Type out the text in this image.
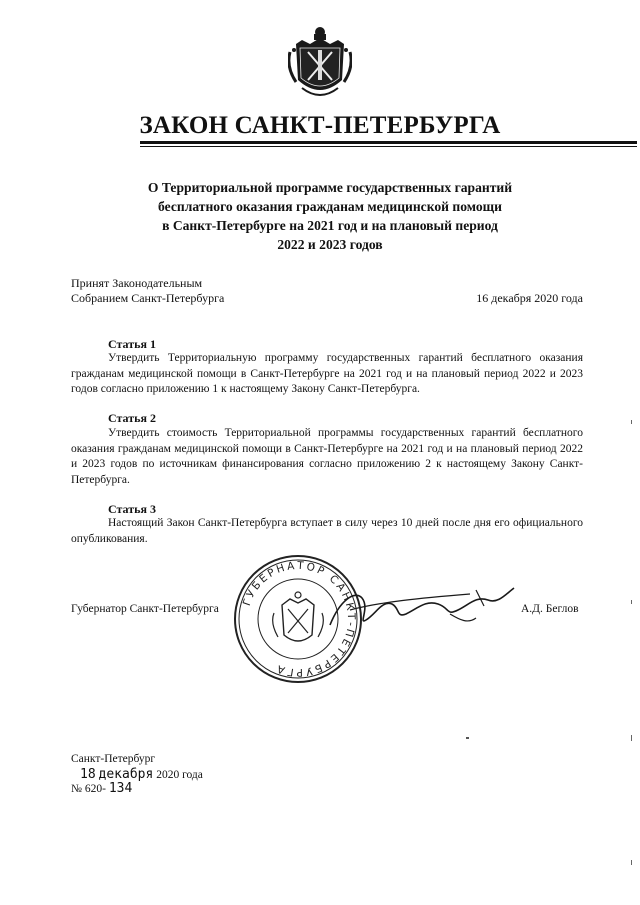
ЗАКОН САНКТ-ПЕТЕРБУРГА
О Территориальной программе государственных гарантий
бесплатного оказания гражданам медицинской помощи
в Санкт-Петербурге на 2021 год и на плановый период
2022 и 2023 годов
Принят Законодательным
Собранием Санкт-Петербурга	16 декабря 2020 года
Статья 1
Утвердить Территориальную программу государственных гарантий бесплатного оказания гражданам медицинской помощи в Санкт-Петербурге на 2021 год и на плановый период 2022 и 2023 годов согласно приложению 1 к настоящему Закону Санкт-Петербурга.
Статья 2
Утвердить стоимость Территориальной программы государственных гарантий бесплатного оказания гражданам медицинской помощи в Санкт-Петербурге на 2021 год и на плановый период 2022 и 2023 годов по источникам финансирования согласно приложению 2 к настоящему Закону Санкт-Петербурга.
Статья 3
Настоящий Закон Санкт-Петербурга вступает в силу через 10 дней после дня его официального опубликования.
Губернатор Санкт-Петербурга	А.Д. Беглов
ГУБЕРНАТОР САНКТ-ПЕТЕРБУРГА
Санкт-Петербург
18 декабря 2020 года
№ 620- 134
